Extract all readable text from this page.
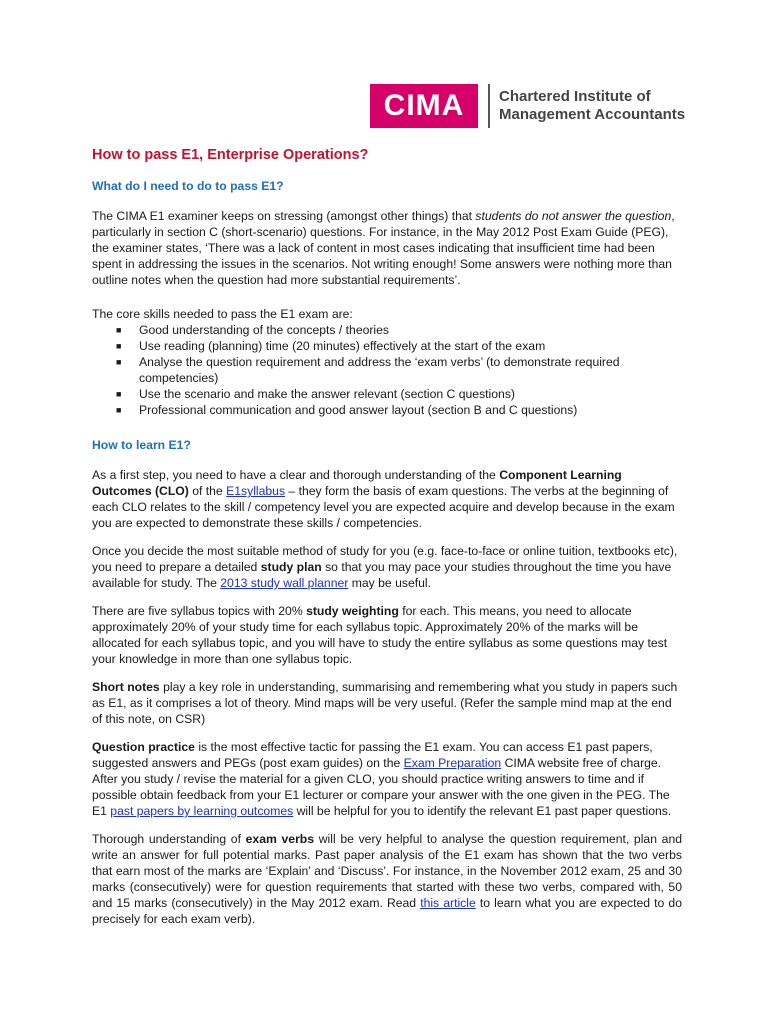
CIMA	Chartered Institute of
Management Accountants
How to pass E1, Enterprise Operations?
What do I need to do to pass E1?

The CIMA E1 examiner keeps on stressing (amongst other things) that students do not answer the question, particularly in section C (short-scenario) questions. For instance, in the May 2012 Post Exam Guide (PEG), the examiner states, ‘There was a lack of content in most cases indicating that insufficient time had been spent in addressing the issues in the scenarios. Not writing enough! Some answers were nothing more than outline notes when the question had more substantial requirements’.

The core skills needed to pass the E1 exam are:

■ Good understanding of the concepts / theories
■ Use reading (planning) time (20 minutes) effectively at the start of the exam
■ Analyse the question requirement and address the ‘exam verbs’ (to demonstrate required competencies)
■ Use the scenario and make the answer relevant (section C questions)
■ Professional communication and good answer layout (section B and C questions)
How to learn E1?

As a first step, you need to have a clear and thorough understanding of the Component Learning Outcomes (CLO) of the E1syllabus – they form the basis of exam questions. The verbs at the beginning of each CLO relates to the skill / competency level you are expected acquire and develop because in the exam you are expected to demonstrate these skills / competencies.

Once you decide the most suitable method of study for you (e.g. face-to-face or online tuition, textbooks etc), you need to prepare a detailed study plan so that you may pace your studies throughout the time you have available for study. The 2013 study wall planner may be useful.

There are five syllabus topics with 20% study weighting for each. This means, you need to allocate approximately 20% of your study time for each syllabus topic. Approximately 20% of the marks will be allocated for each syllabus topic, and you will have to study the entire syllabus as some questions may test your knowledge in more than one syllabus topic.

Short notes play a key role in understanding, summarising and remembering what you study in papers such as E1, as it comprises a lot of theory. Mind maps will be very useful. (Refer the sample mind map at the end of this note, on CSR)

Question practice is the most effective tactic for passing the E1 exam. You can access E1 past papers, suggested answers and PEGs (post exam guides) on the Exam Preparation CIMA website free of charge. After you study / revise the material for a given CLO, you should practice writing answers to time and if possible obtain feedback from your E1 lecturer or compare your answer with the one given in the PEG. The E1 past papers by learning outcomes will be helpful for you to identify the relevant E1 past paper questions.

Thorough understanding of exam verbs will be very helpful to analyse the question requirement, plan and write an answer for full potential marks. Past paper analysis of the E1 exam has shown that the two verbs that earn most of the marks are ‘Explain’ and ‘Discuss’. For instance, in the November 2012 exam, 25 and 30 marks (consecutively) were for question requirements that started with these two verbs, compared with, 50 and 15 marks (consecutively) in the May 2012 exam. Read this article to learn what you are expected to do precisely for each exam verb).
